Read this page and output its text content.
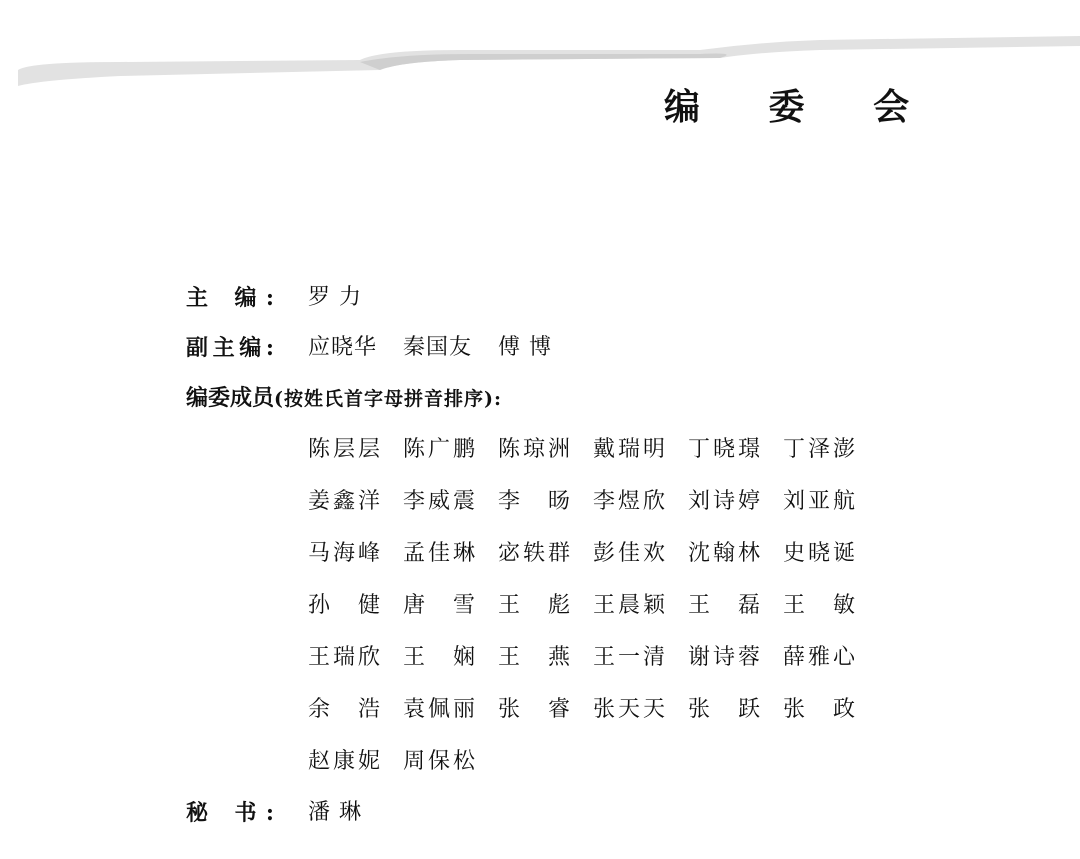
编 委 会
主 编: 罗 力
副主编: 应晓华 秦国友 傅 博
编委成员(按姓氏首字母拼音排序):
陈层层 陈广鹏 陈琼洲 戴瑞明 丁晓璟 丁泽澎
姜鑫洋 李威震 李 旸 李煜欣 刘诗婷 刘亚航
马海峰 孟佳琳 宓轶群 彭佳欢 沈翰林 史晓诞
孙 健 唐 雪 王 彪 王晨颖 王 磊 王 敏
王瑞欣 王 娴 王 燕 王一清 谢诗蓉 薛雅心
余 浩 袁佩丽 张 睿 张天天 张 跃 张 政
赵康妮 周保松
秘 书: 潘 琳
